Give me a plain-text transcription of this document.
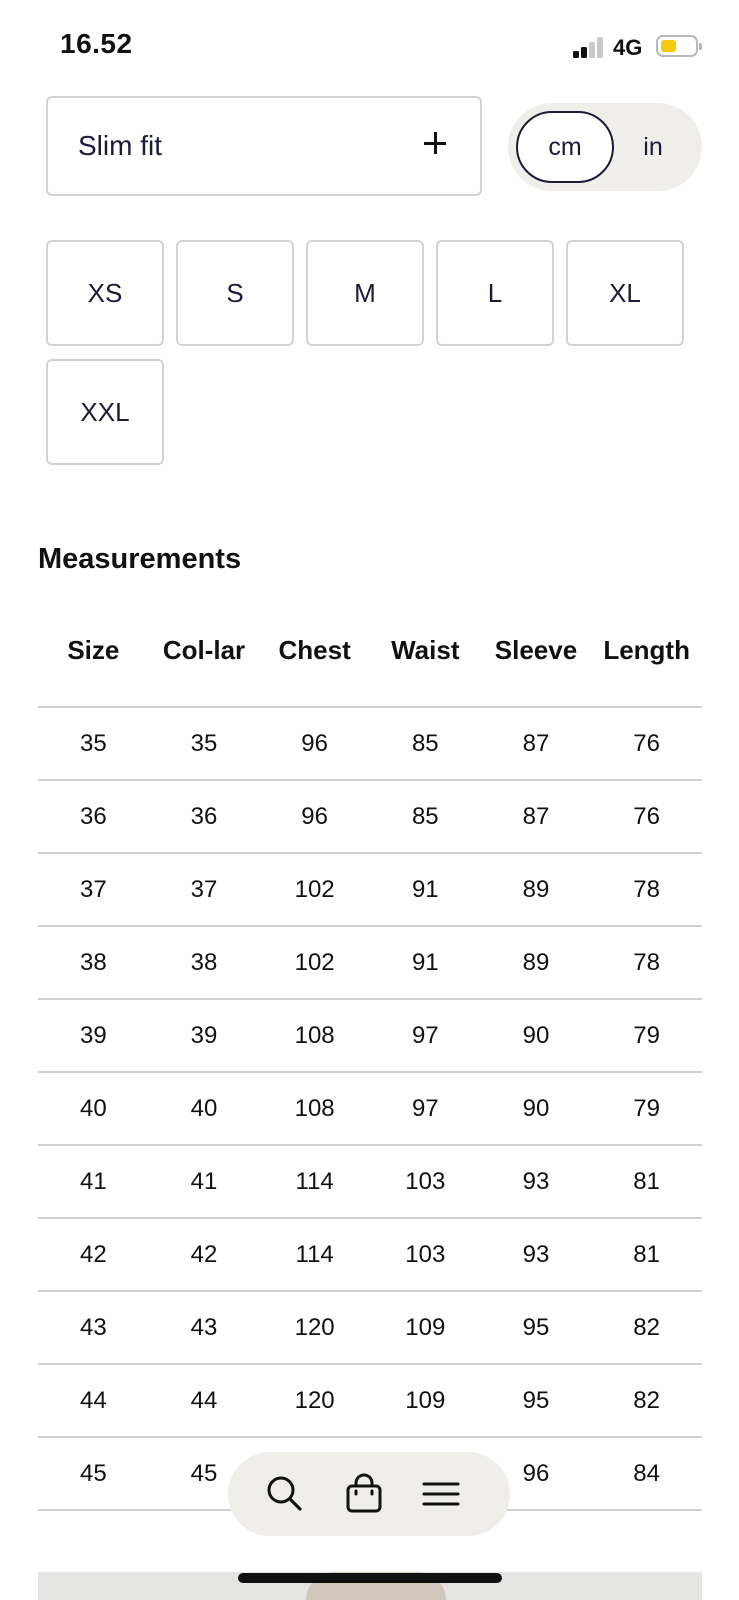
16.52	4G
Slim fit	cm	in
XS	S	M	L	XL
XXL
Measurements
Size	Col-lar	Chest	Waist	Sleeve	Length
35	35	96	85	87	76
36	36	96	85	87	76
37	37	102	91	89	78
38	38	102	91	89	78
39	39	108	97	90	79
40	40	108	97	90	79
41	41	114	103	93	81
42	42	114	103	93	81
43	43	120	109	95	82
44	44	120	109	95	82
45	45			96	84
